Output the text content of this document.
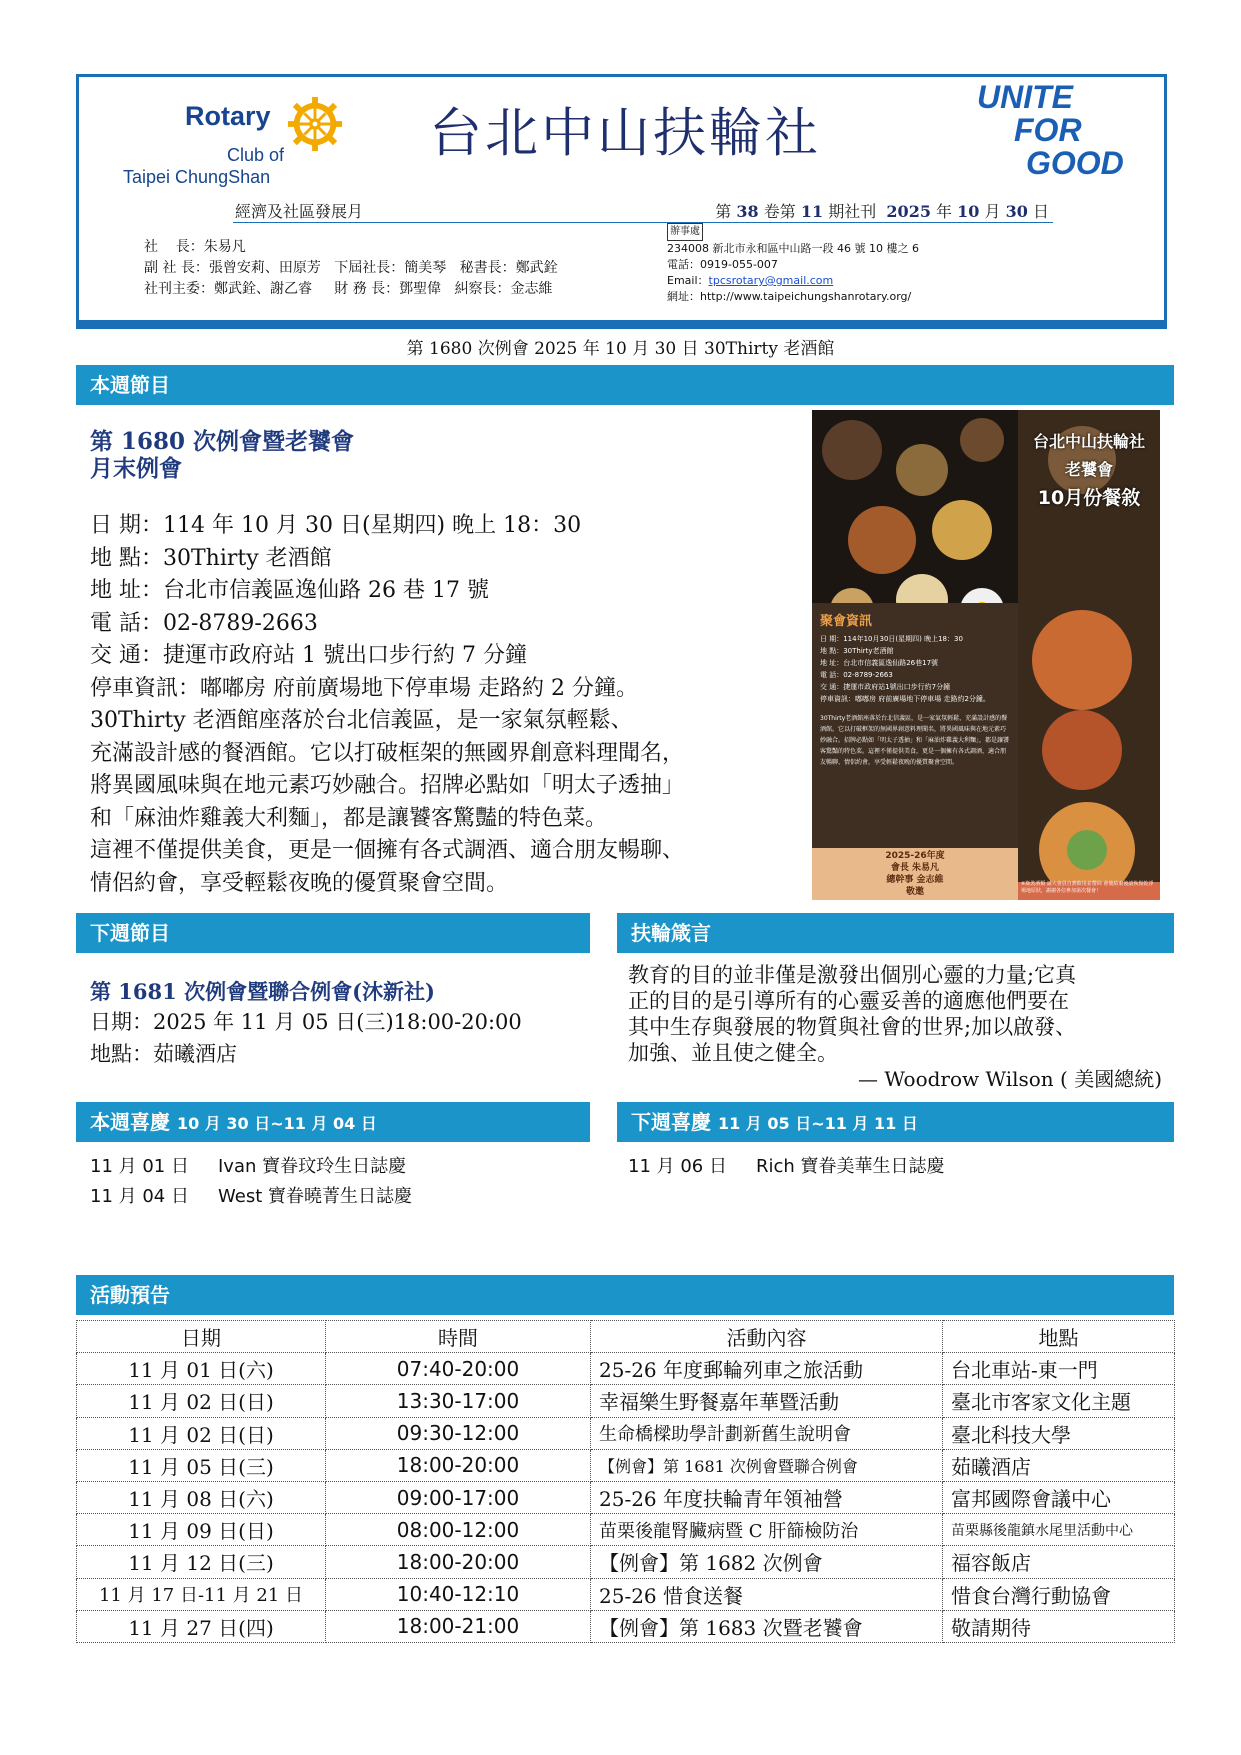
Rotary
Club of
Taipei ChungShan
台北中山扶輪社
UNITE
FOR
GOOD
經濟及社區發展月	第 38 卷第 11 期社刊 2025 年 10 月 30 日
社    長：朱易凡
副 社 長：張曾安莉、田原芳   下屆社長：簡美琴   秘書長：鄭武銓
社刊主委：鄭武銓、謝乙睿     財 務 長：鄧聖偉   糾察長：金志維
辦事處
234008 新北市永和區中山路一段 46 號 10 樓之 6
電話：0919-055-007
Email：tpcsrotary@gmail.com
網址：http://www.taipeichungshanrotary.org/
第 1680 次例會 2025 年 10 月 30 日 30Thirty 老酒館
本週節目
第 1680 次例會暨老饕會
月末例會
日 期：114 年 10 月 30 日(星期四) 晚上 18：30
地 點：30Thirty 老酒館
地 址：台北市信義區逸仙路 26 巷 17 號
電 話：02-8789-2663
交 通：捷運市政府站 1 號出口步行約 7 分鐘
停車資訊：嘟嘟房 府前廣場地下停車場 走路約 2 分鐘。
30Thirty 老酒館座落於台北信義區，是一家氣氛輕鬆、
充滿設計感的餐酒館。它以打破框架的無國界創意料理聞名，
將異國風味與在地元素巧妙融合。招牌必點如「明太子透抽」
和「麻油炸雞義大利麵」，都是讓饕客驚豔的特色菜。
這裡不僅提供美食，更是一個擁有各式調酒、適合朋友暢聊、
情侶約會，享受輕鬆夜晚的優質聚會空間。
台北中山扶輪社
老饕會
10月份餐敘
聚會資訊
日 期：114年10月30日(星期四) 晚上18：30
地 點：30Thirty老酒館
地 址：台北市信義區逸仙路26巷17號
電 話：02-8789-2663
交 通：捷運市政府站1號出口步行約7分鐘
停車資訊：嘟嘟房 府前廣場地下停車場 走路約2分鐘。
30Thirty老酒館座落於台北信義區，是一家氣氛輕鬆、充滿設計感的餐酒館。它以打破框架的無國界創意料理聞名，將異國風味與在地元素巧妙融合。招牌必點如「明太子透抽」和「麻油炸雞義大利麵」，都是讓饕客驚豔的特色菜。這裡不僅提供美食，更是一個擁有各式調酒、適合朋友暢聊、情侶約會，享受輕鬆夜晚的優質聚會空間。
2025-26年度
會長 朱易凡
總幹事 金志維
敬邀
※瓶裝酒類 請大會員自費飲用並帶回 會後結束後請恢復乾淨場地原狀，謝謝各位參加第次餐會！
下週節目
第 1681 次例會暨聯合例會(沐新社)
日期：2025 年 11 月 05 日(三)18:00-20:00
地點：茹曦酒店
扶輪箴言
教育的目的並非僅是激發出個別心靈的力量;它真
正的目的是引導所有的心靈妥善的適應他們要在
其中生存與發展的物質與社會的世界;加以啟發、
加強、並且使之健全。
— Woodrow Wilson ( 美國總統)
本週喜慶 10 月 30 日~11 月 04 日
11 月 01 日 Ivan 寶眷玟玲生日誌慶
11 月 04 日 West 寶眷曉菁生日誌慶
下週喜慶 11 月 05 日~11 月 11 日
11 月 06 日 Rich 寶眷美華生日誌慶
活動預告
日期	時間	活動內容	地點
11 月 01 日(六)	07:40-20:00	25-26 年度郵輪列車之旅活動	台北車站-東一門
11 月 02 日(日)	13:30-17:00	幸福樂生野餐嘉年華暨活動	臺北市客家文化主題
11 月 02 日(日)	09:30-12:00	生命橋樑助學計劃新舊生說明會	臺北科技大學
11 月 05 日(三)	18:00-20:00	【例會】第 1681 次例會暨聯合例會	茹曦酒店
11 月 08 日(六)	09:00-17:00	25-26 年度扶輪青年領袖營	富邦國際會議中心
11 月 09 日(日)	08:00-12:00	苗栗後龍腎臟病暨 C 肝篩檢防治	苗栗縣後龍鎮水尾里活動中心
11 月 12 日(三)	18:00-20:00	【例會】第 1682 次例會	福容飯店
11 月 17 日-11 月 21 日	10:40-12:10	25-26 惜食送餐	惜食台灣行動協會
11 月 27 日(四)	18:00-21:00	【例會】第 1683 次暨老饕會	敬請期待
